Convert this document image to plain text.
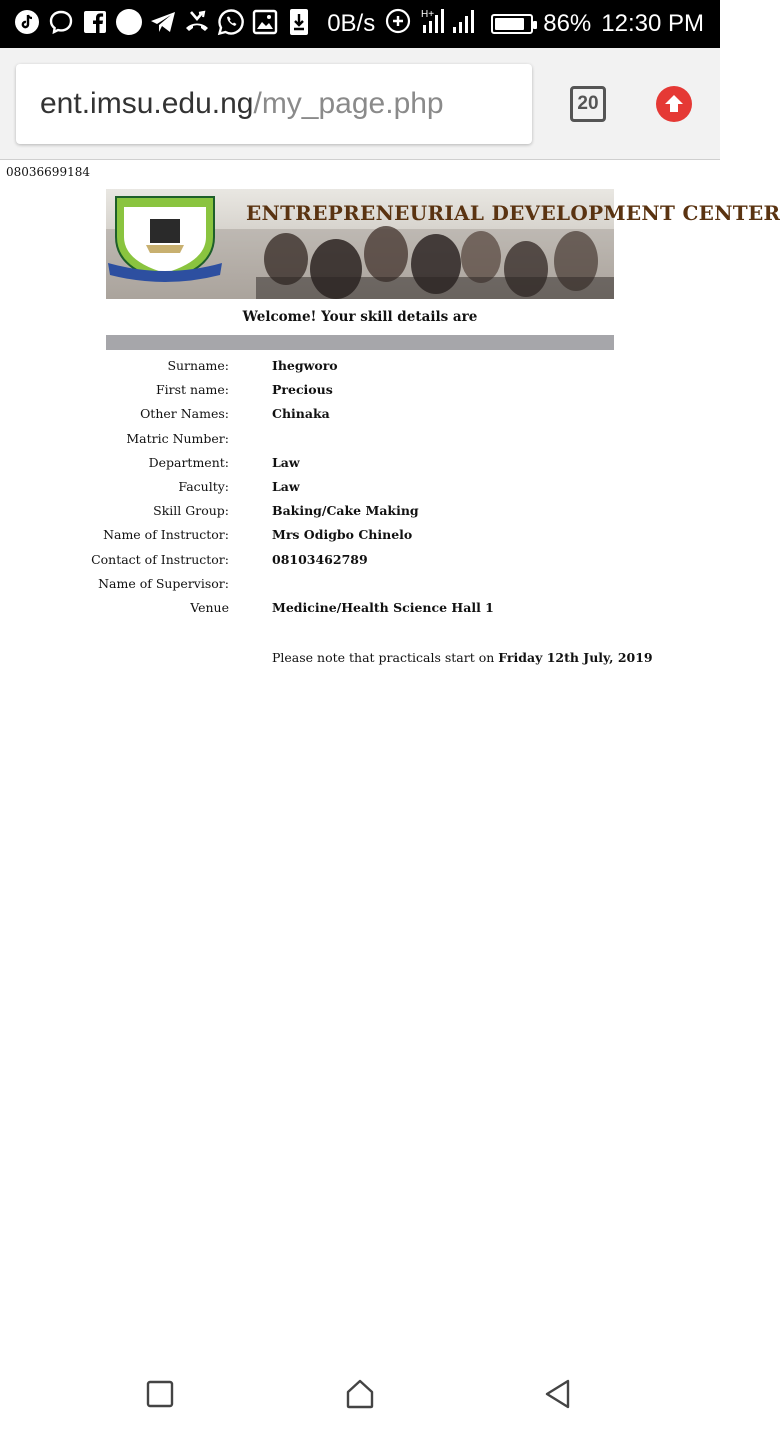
0B/s	H+	86% 12:30 PM
ent.imsu.edu.ng /my_page.php	20
08036699184
ENTREPRENEURIAL DEVELOPMENT CENTER
Welcome! Your skill details are
Surname:	Ihegworo
First name:	Precious
Other Names:	Chinaka
Matric Number:
Department:	Law
Faculty:	Law
Skill Group:	Baking/Cake Making
Name of Instructor:	Mrs Odigbo Chinelo
Contact of Instructor:	08103462789
Name of Supervisor:
Venue	Medicine/Health Science Hall 1
Please note that practicals start on Friday 12th July, 2019
